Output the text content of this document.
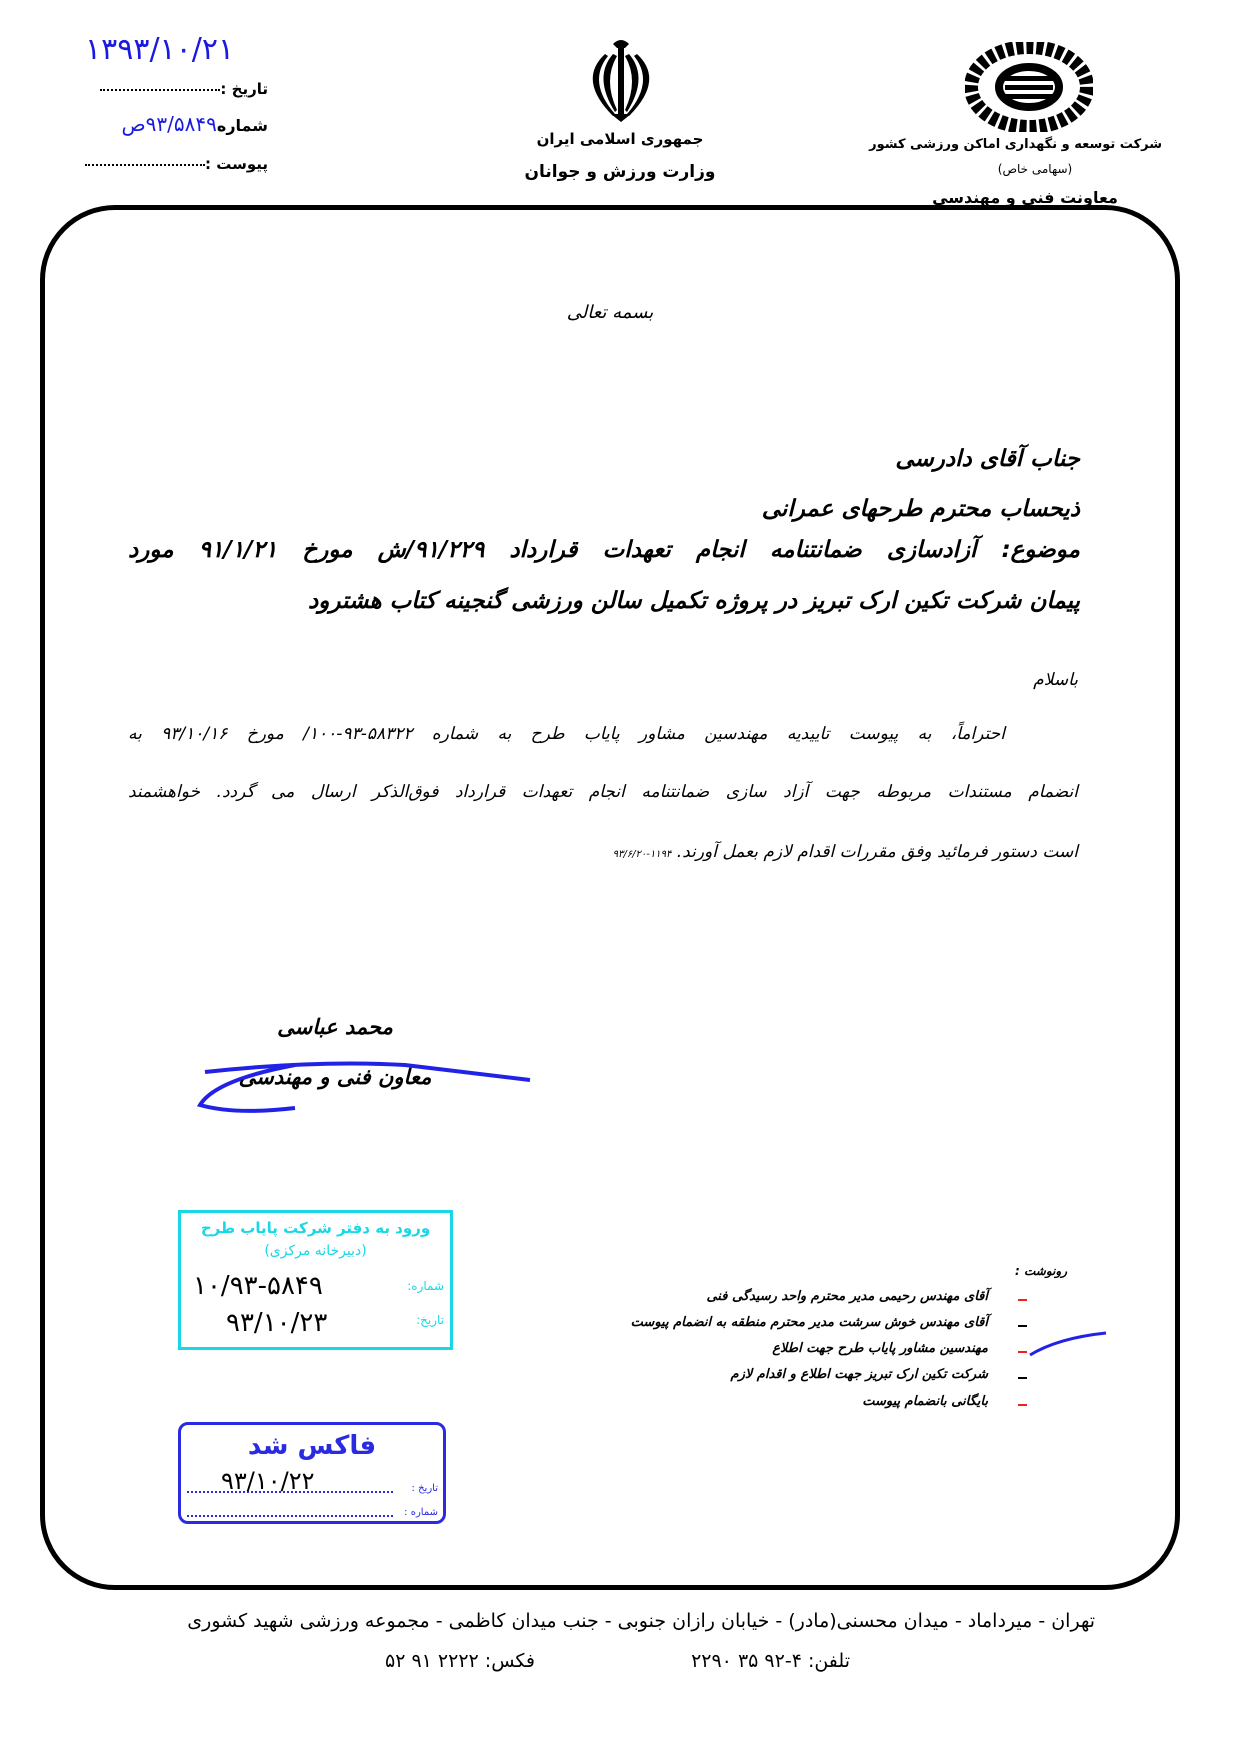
۱۳۹۳/۱۰/۲۱
تاریخ :
شماره۹۳/۵۸۴۹ص
پیوست :
جمهوری اسلامی ایران
وزارت ورزش و جوانان
شرکت توسعه و نگهداری اماکن ورزشی کشور
(سهامی خاص)
معاونت فنی و مهندسی
بسمه تعالی
جناب آقای دادرسی
ذیحساب محترم طرحهای عمرانی
موضوع: آزادسازی ضمانتنامه انجام تعهدات قرارداد ۹۱/۲۲۹/ش مورخ ۹۱/۱/۲۱ مورد
پیمان شرکت تکین ارک تبریز در پروژه تکمیل سالن ورزشی گنجینه کتاب هشترود
باسلام
احتراماً، به پیوست تاییدیه مهندسین مشاور پایاب طرح به شماره ۵۸۳۲۲-۹۳-۱۰۰/ مورخ ۹۳/۱۰/۱۶ به
انضمام مستندات مربوطه جهت آزاد سازی ضمانتنامه انجام تعهدات قرارداد فوق‌الذکر ارسال می گردد. خواهشمند
است دستور فرمائید وفق مقررات اقدام لازم بعمل آورند. ۱۱۹۴-۹۳/۶/۲۰
محمد عباسی
معاون فنی و مهندسی
ورود به دفتر شرکت پایاب طرح
(دبیرخانه مرکزی)
شماره:
۱۰/۹۳-۵۸۴۹
تاریخ:
۹۳/۱۰/۲۳
فاکس شد
تاریخ :
۹۳/۱۰/۲۲
شماره :
رونوشت :
آقای مهندس رحیمی مدیر محترم واحد رسیدگی فنی
آقای مهندس خوش سرشت مدیر محترم منطقه به انضمام پیوست
مهندسین مشاور پایاب طرح جهت اطلاع
شرکت تکین ارک تبریز جهت اطلاع و اقدام لازم
بایگانی بانضمام پیوست
تهران - میرداماد - میدان محسنی(مادر) - خیابان رازان جنوبی - جنب میدان کاظمی - مجموعه ورزشی شهید کشوری
تلفن: ۴-۹۲ ۳۵ ۲۲۹۰
فکس: ۲۲۲۲ ۹۱ ۵۲
